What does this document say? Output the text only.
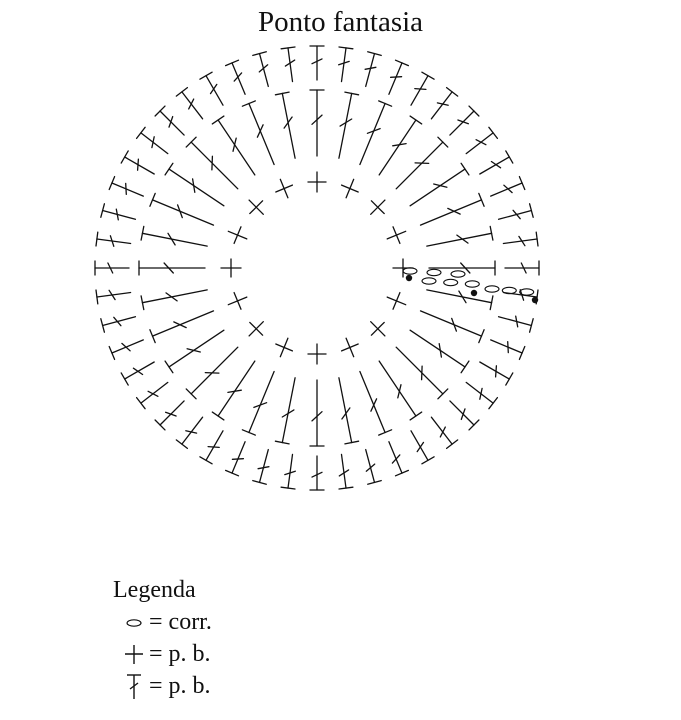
Ponto fantasia
Legenda
= corr.
= p. b.
= p. b.
